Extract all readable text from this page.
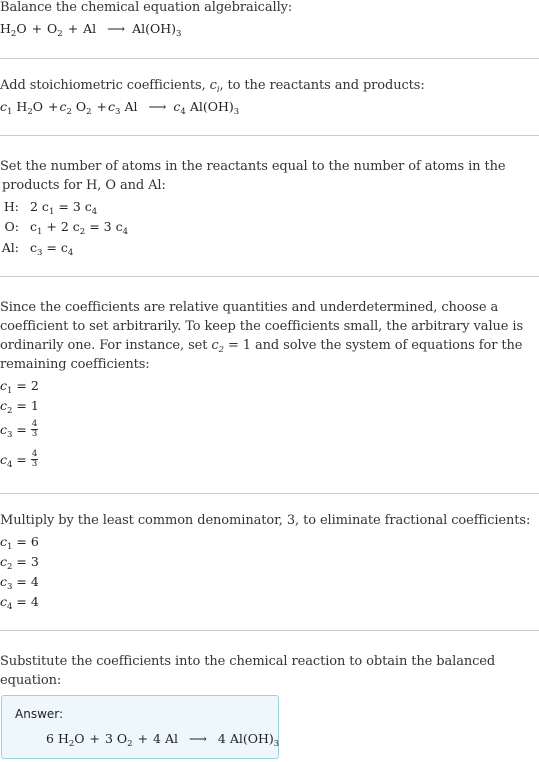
Balance the chemical equation algebraically:
$H_2O + O_2 + Al$ ⟶ $Al(OH)_3$
Add stoichiometric coefficients, $c_i$, to the reactants and products:
$c_1$ $H_2O +c_2$ $O_2 +c_3$ Al ⟶ $c_4$ $Al(OH)_3$
Set the number of atoms in the reactants equal to the number of atoms in the
products for H, O and Al:
H: 2 $c_1 = 3$ $c_4$
O: $c_1 + 2$ $c_2 = 3$ $c_4$
Al: $c_3 = c_4$
Since the coefficients are relative quantities and underdetermined, choose a
coefficient to set arbitrarily. To keep the coefficients small, the arbitrary value is
ordinarily one. For instance, set $c_2 = 1$ and solve the system of equations for the
remaining coefficients:
$c_1 = 2$
$c_2 = 1$
$c_3 = \frac{4}{3}$
$c_4 = \frac{4}{3}$
Multiply by the least common denominator, 3, to eliminate fractional coefficients:
$c_1 = 6$
$c_2 = 3$
$c_3 = 4$
$c_4 = 4$
Substitute the coefficients into the chemical reaction to obtain the balanced
equation:
Answer:
6 $H_2O + 3$ $O_2 + 4$ Al ⟶ 4 $Al(OH)_3$
